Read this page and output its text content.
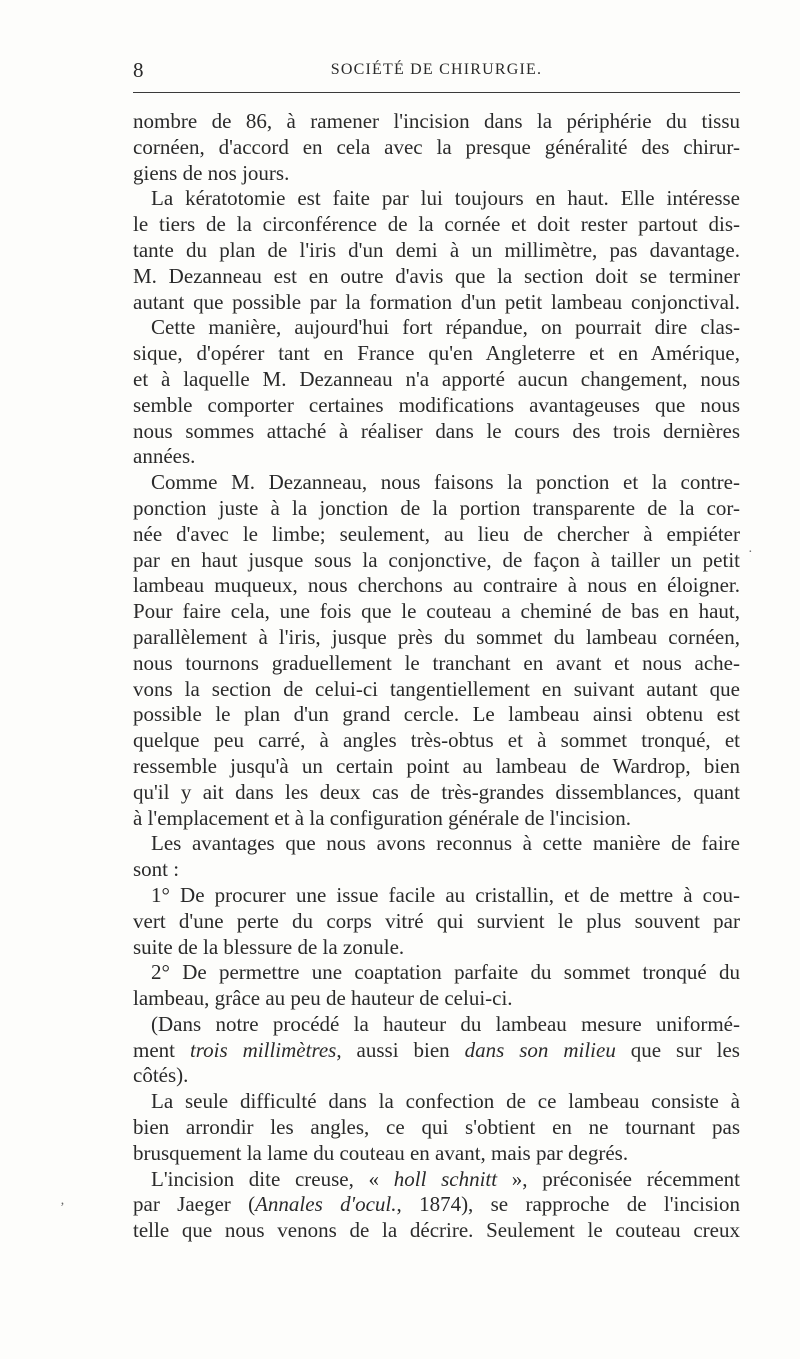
8	SOCIÉTÉ DE CHIRURGIE.
nombre de 86, à ramener l'incision dans la périphérie du tissu
cornéen, d'accord en cela avec la presque généralité des chirur-
giens de nos jours.
La kératotomie est faite par lui toujours en haut. Elle intéresse
le tiers de la circonférence de la cornée et doit rester partout dis-
tante du plan de l'iris d'un demi à un millimètre, pas davantage.
M. Dezanneau est en outre d'avis que la section doit se terminer
autant que possible par la formation d'un petit lambeau conjonctival.
Cette manière, aujourd'hui fort répandue, on pourrait dire clas-
sique, d'opérer tant en France qu'en Angleterre et en Amérique,
et à laquelle M. Dezanneau n'a apporté aucun changement, nous
semble comporter certaines modifications avantageuses que nous
nous sommes attaché à réaliser dans le cours des trois dernières
années.
Comme M. Dezanneau, nous faisons la ponction et la contre-
ponction juste à la jonction de la portion transparente de la cor-
née d'avec le limbe; seulement, au lieu de chercher à empiéter
par en haut jusque sous la conjonctive, de façon à tailler un petit
lambeau muqueux, nous cherchons au contraire à nous en éloigner.
Pour faire cela, une fois que le couteau a cheminé de bas en haut,
parallèlement à l'iris, jusque près du sommet du lambeau cornéen,
nous tournons graduellement le tranchant en avant et nous ache-
vons la section de celui-ci tangentiellement en suivant autant que
possible le plan d'un grand cercle. Le lambeau ainsi obtenu est
quelque peu carré, à angles très-obtus et à sommet tronqué, et
ressemble jusqu'à un certain point au lambeau de Wardrop, bien
qu'il y ait dans les deux cas de très-grandes dissemblances, quant
à l'emplacement et à la configuration générale de l'incision.
Les avantages que nous avons reconnus à cette manière de faire
sont :
1° De procurer une issue facile au cristallin, et de mettre à cou-
vert d'une perte du corps vitré qui survient le plus souvent par
suite de la blessure de la zonule.
2° De permettre une coaptation parfaite du sommet tronqué du
lambeau, grâce au peu de hauteur de celui-ci.
(Dans notre procédé la hauteur du lambeau mesure uniformé-
ment trois millimètres, aussi bien dans son milieu que sur les
côtés).
La seule difficulté dans la confection de ce lambeau consiste à
bien arrondir les angles, ce qui s'obtient en ne tournant pas
brusquement la lame du couteau en avant, mais par degrés.
L'incision dite creuse, « holl schnitt », préconisée récemment
par Jaeger (Annales d'ocul., 1874), se rapproche de l'incision
telle que nous venons de la décrire. Seulement le couteau creux
·
‚
